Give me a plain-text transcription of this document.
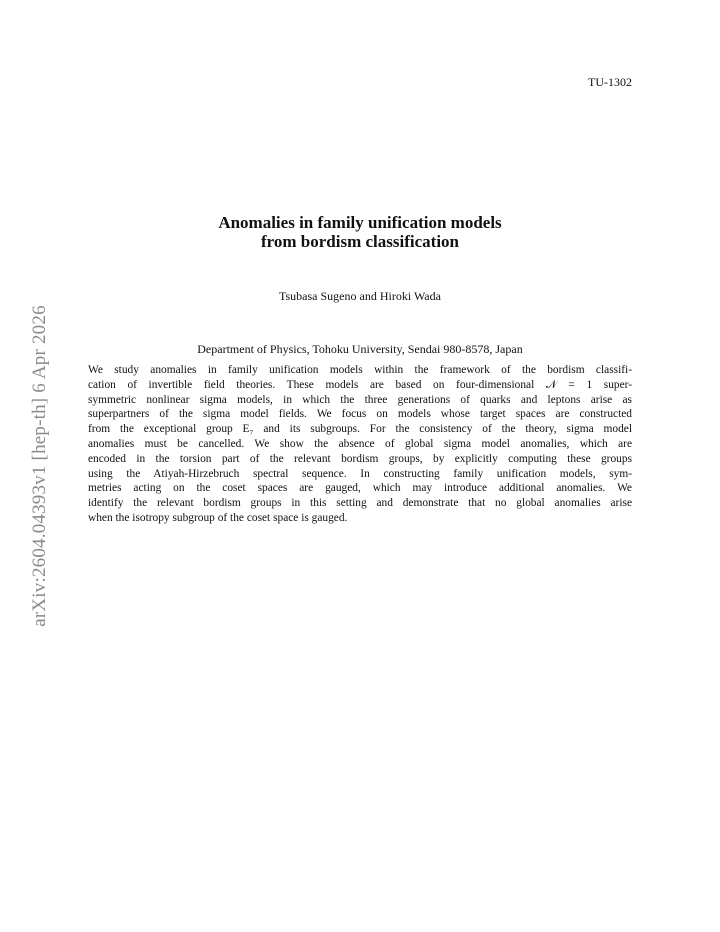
TU-1302
arXiv:2604.04393v1 [hep-th] 6 Apr 2026
Anomalies in family unification models
from bordism classification
Tsubasa Sugeno and Hiroki Wada
Department of Physics, Tohoku University, Sendai 980-8578, Japan
We study anomalies in family unification models within the framework of the bordism classifi-
cation of invertible field theories. These models are based on four-dimensional 𝒩 = 1 super-
symmetric nonlinear sigma models, in which the three generations of quarks and leptons arise as
superpartners of the sigma model fields. We focus on models whose target spaces are constructed
from the exceptional group E₇ and its subgroups. For the consistency of the theory, sigma model
anomalies must be cancelled. We show the absence of global sigma model anomalies, which are
encoded in the torsion part of the relevant bordism groups, by explicitly computing these groups
using the Atiyah-Hirzebruch spectral sequence. In constructing family unification models, sym-
metries acting on the coset spaces are gauged, which may introduce additional anomalies. We
identify the relevant bordism groups in this setting and demonstrate that no global anomalies arise
when the isotropy subgroup of the coset space is gauged.
